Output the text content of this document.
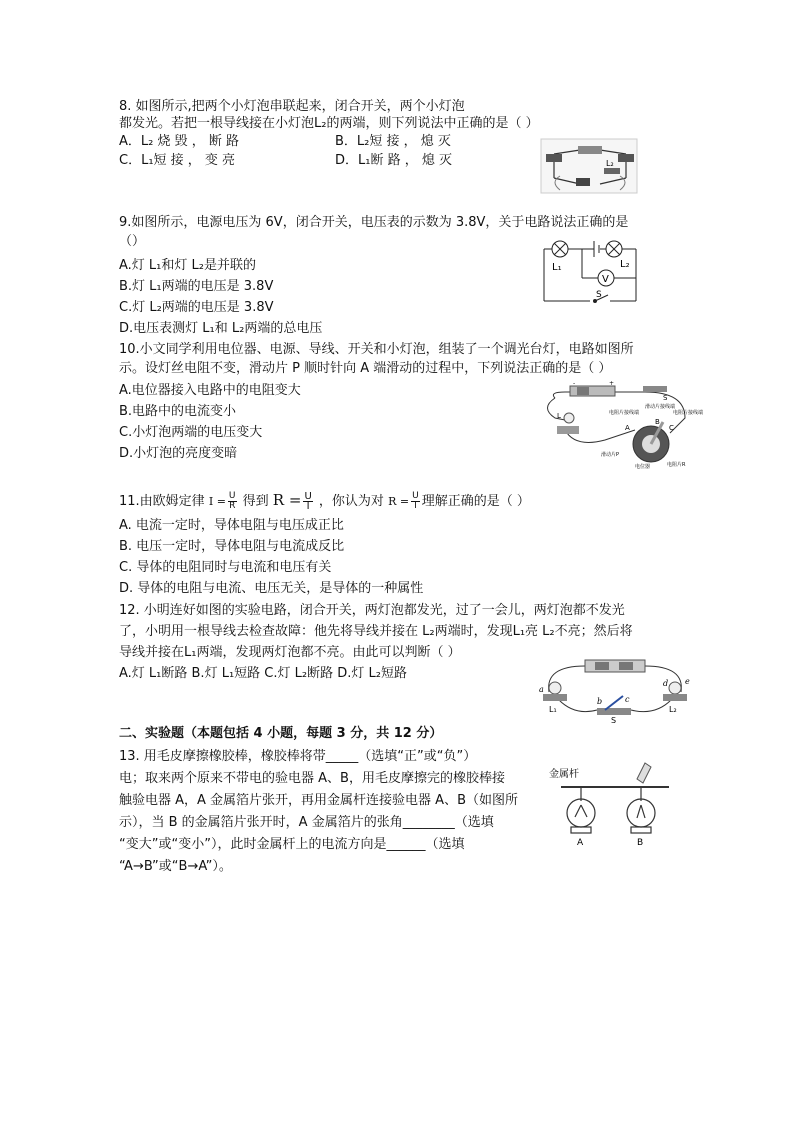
8. 如图所示,把两个小灯泡串联起来，闭合开关，两个小灯泡
都发光。若把一根导线接在小灯泡L₂的两端，则下列说法中正确的是（ ）
A．L₂ 烧 毁 ， 断 路	B．L₂短 接 ， 熄 灭
C．L₁短 接 ， 变 亮	D．L₁断 路 ， 熄 灭	L₂
9.如图所示，电源电压为 6V，闭合开关，电压表的示数为 3.8V，关于电路说法正确的是
（）
A.灯 L₁和灯 L₂是并联的
B.灯 L₁两端的电压是 3.8V
C.灯 L₂两端的电压是 3.8V
D.电压表测灯 L₁和 L₂两端的总电压
L₁	L₂
V
S
10.小文同学利用电位器、电源、导线、开关和小灯泡，组装了一个调光台灯，电路如图所
示。设灯丝电阻不变，滑动片 P 顺时针向 A 端滑动的过程中，下列说法正确的是（ ）
A.电位器接入电路中的电阻变大
B.电路中的电流变小
C.小灯泡两端的电压变大
D.小灯泡的亮度变暗
-	+
S
滑动片接线端
L	电阻片接线端	电阻片接线端
A
B
C
滑动片P
电位器	电阻片R
11.由欧姆定律 $I = \frac{U}{R}$ 得到 $R = \frac{U}{I}$ ，你认为对 $R = \frac{U}{I}$ 理解正确的是（ ）
A. 电流一定时，导体电阻与电压成正比
B. 电压一定时，导体电阻与电流成反比
C. 导体的电阻同时与电流和电压有关
D. 导体的电阻与电流、电压无关，是导体的一种属性
12. 小明连好如图的实验电路，闭合开关，两灯泡都发光，过了一会儿，两灯泡都不发光
了，小明用一根导线去检查故障：他先将导线并接在 L₂两端时，发现L₁亮 L₂不亮；然后将
导线并接在L₁两端，发现两灯泡都不亮。由此可以判断（ ）
A.灯 L₁断路 B.灯 L₁短路 C.灯 L₂断路 D.灯 L₂短路
a
b	c
d e
L₁	L₂
S
二、实验题（本题包括 4 小题，每题 3 分，共 12 分）
13. 用毛皮摩擦橡胶棒，橡胶棒将带_____（选填“正”或“负”）
电；取来两个原来不带电的验电器 A、B，用毛皮摩擦完的橡胶棒接
触验电器 A，A 金属箔片张开，再用金属杆连接验电器 A、B（如图所
示），当 B 的金属箔片张开时，A 金属箔片的张角________（选填
“变大”或“变小”），此时金属杆上的电流方向是______（选填
“A→B”或“B→A”）。
金属杆
A	B
